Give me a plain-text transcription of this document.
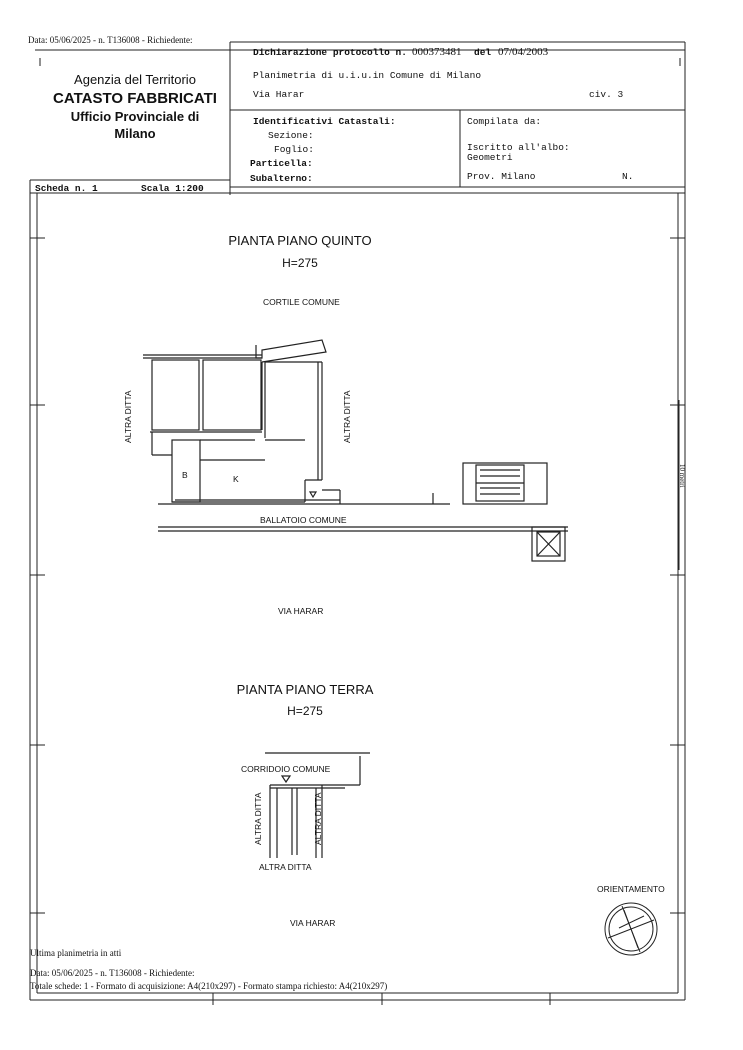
Data: 05/06/2025 - n. T136008 - Richiedente:
Agenzia del Territorio
CATASTO FABBRICATI
Ufficio Provinciale di
Milano
Dichiarazione protocollo n. 000373481 del 07/04/2003
Planimetria di u.i.u.in Comune di Milano
Via Harar	civ. 3
Identificativi Catastali:
Sezione:
Foglio:
Particella:
Subalterno:
Compilata da:
Iscritto all'albo:
Geometri
Prov. Milano	N.
Scheda n. 1	Scala 1:200
PIANTA PIANO QUINTO
H=275
CORTILE COMUNE
ALTRA DITTA	ALTRA DITTA
B	K
BALLATOIO COMUNE
VIA HARAR
PIANTA PIANO TERRA
H=275
CORRIDOIO COMUNE
ALTRA DITTA	ALTRA DITTA
ALTRA DITTA
VIA HARAR
10 metri
ORIENTAMENTO
Ultima planimetria in atti
Data: 05/06/2025 - n. T136008 - Richiedente:
Totale schede: 1 - Formato di acquisizione: A4(210x297) - Formato stampa richiesto: A4(210x297)
